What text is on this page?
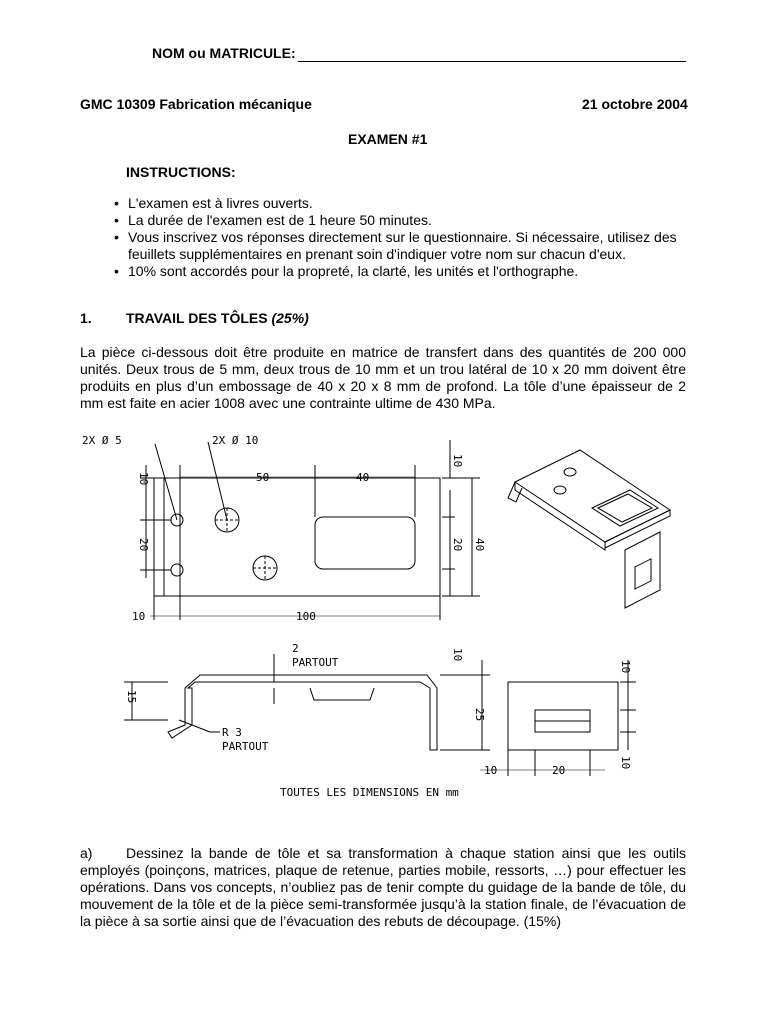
NOM ou MATRICULE:
GMC 10309 Fabrication mécanique	21 octobre 2004
EXAMEN #1
INSTRUCTIONS:
• L'examen est à livres ouverts.
• La durée de l'examen est de 1 heure 50 minutes.
• Vous inscrivez vos réponses directement sur le questionnaire. Si nécessaire, utilisez des feuillets supplémentaires en prenant soin d'indiquer votre nom sur chacun d'eux.
• 10% sont accordés pour la propreté, la clarté, les unités et l'orthographe.
1. TRAVAIL DES TÔLES (25%)
La pièce ci-dessous doit être produite en matrice de transfert dans des quantités de 200 000 unités. Deux trous de 5 mm, deux trous de 10 mm et un trou latéral de 10 x 20 mm doivent être produits en plus d’un embossage de 40 x 20 x 8 mm de profond. La tôle d’une épaisseur de 2 mm est faite en acier 1008 avec une contrainte ultime de 430 MPa.
2X Ø 5	2X Ø 10
50	40
10
10
20	20 40
10	100
2
PARTOUT
R 3
PARTOUT
15
10
25
10
10
10	20
TOUTES LES DIMENSIONS EN mm
a)	Dessinez la bande de tôle et sa transformation à chaque station ainsi que les outils employés (poinçons, matrices, plaque de retenue, parties mobile, ressorts, …) pour effectuer les opérations. Dans vos concepts, n’oubliez pas de tenir compte du guidage de la bande de tôle, du mouvement de la tôle et de la pièce semi-transformée jusqu’à la station finale, de l’évacuation de la pièce à sa sortie ainsi que de l’évacuation des rebuts de découpage. (15%)
